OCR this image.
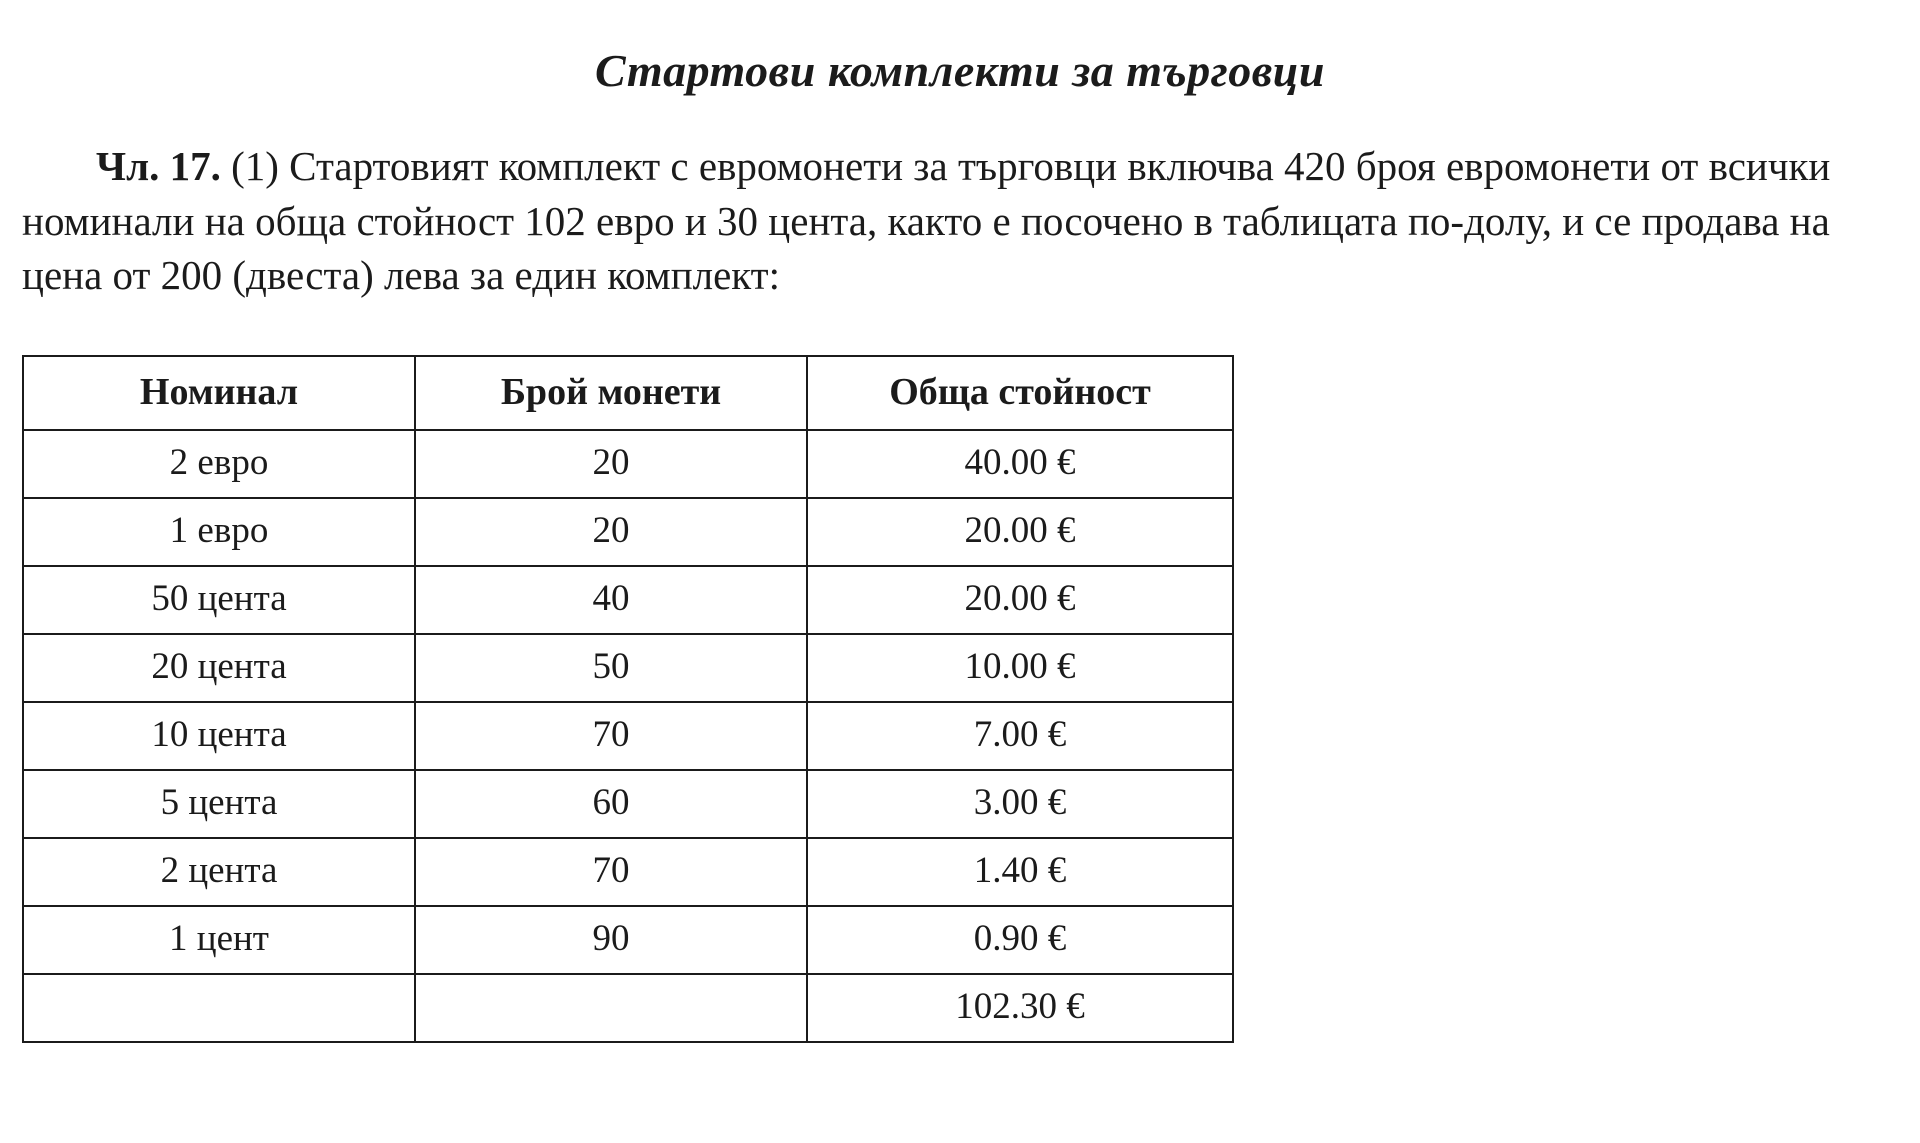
Стартови комплекти за търговци

Чл. 17. (1) Стартовият комплект с евромонети за търговци включва 420 броя евромонети от всички номинали на обща стойност 102 евро и 30 цента, както е посочено в таблицата по-долу, и се продава на цена от 200 (двеста) лева за един комплект:

Номинал	Брой монети	Обща стойност
2 евро	20	40.00 €
1 евро	20	20.00 €
50 цента	40	20.00 €
20 цента	50	10.00 €
10 цента	70	7.00 €
5 цента	60	3.00 €
2 цента	70	1.40 €
1 цент	90	0.90 €
		102.30 €
